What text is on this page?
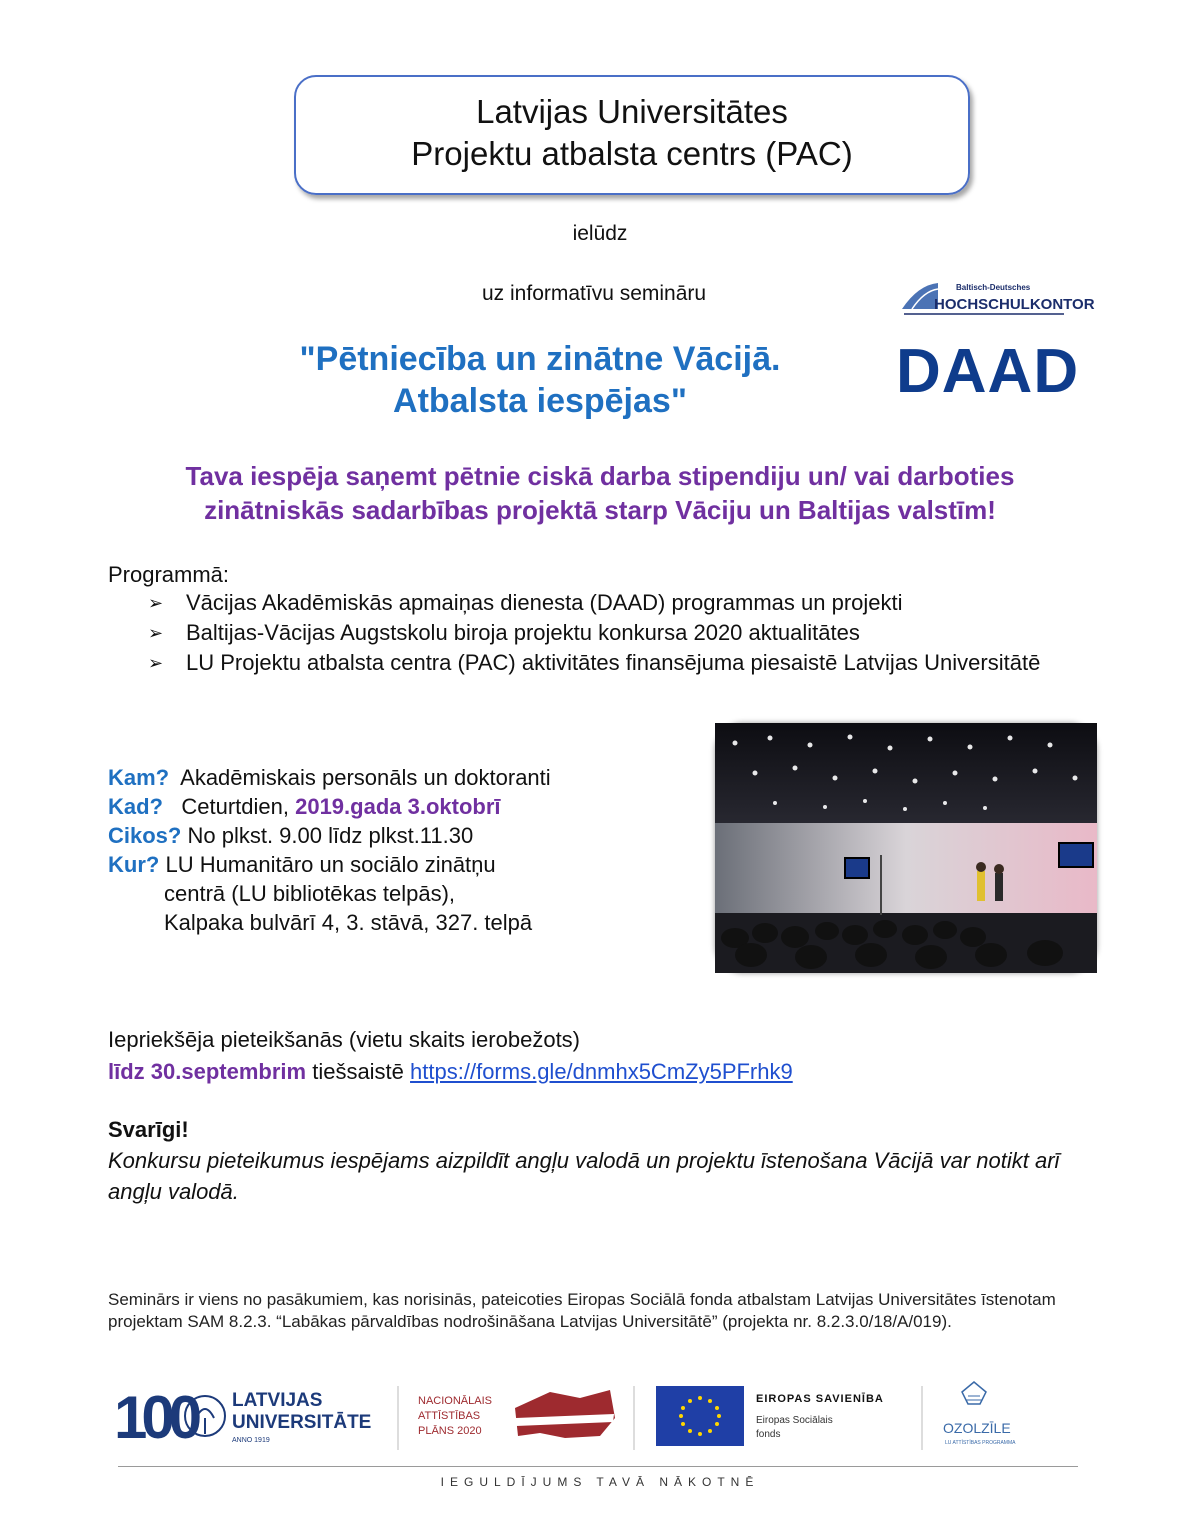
Latvijas Universitātes
Projektu atbalsta centrs (PAC)
ielūdz
uz informatīvu semināru	Baltisch-Deutsches
HOCHSCHULKONTOR
"Pētniecība un zinātne Vācijā.
Atbalsta iespējas"	DAAD
Tava iespēja saņemt pētnie ciskā darba stipendiju un/ vai darboties
zinātniskās sadarbības projektā starp Vāciju un Baltijas valstīm!
Programmā:
➢ Vācijas Akadēmiskās apmaiņas dienesta (DAAD) programmas un projekti
➢ Baltijas-Vācijas Augstskolu biroja projektu konkursa 2020 aktualitātes
➢ LU Projektu atbalsta centra (PAC) aktivitātes finansējuma piesaistē Latvijas Universitātē
Kam? Akadēmiskais personāls un doktoranti
Kad? Ceturtdien, 2019.gada 3.oktobrī
Cikos? No plkst. 9.00 līdz plkst.11.30
Kur? LU Humanitāro un sociālo zinātņu
centrā (LU bibliotēkas telpās),
Kalpaka bulvārī 4, 3. stāvā, 327. telpā
Iepriekšēja pieteikšanās (vietu skaits ierobežots)
līdz 30.septembrim tiešsaistē https://forms.gle/dnmhx5CmZy5PFrhk9
Svarīgi!
Konkursu pieteikumus iespējams aizpildīt angļu valodā un projektu īstenošana Vācijā var notikt arī angļu valodā.
Seminārs ir viens no pasākumiem, kas norisinās, pateicoties Eiropas Sociālā fonda atbalstam Latvijas Universitātes īstenotam projektam SAM 8.2.3. “Labākas pārvaldības nodrošināšana Latvijas Universitātē” (projekta nr. 8.2.3.0/18/A/019).
100 LATVIJAS
UNIVERSITĀTE
ANNO 1919
NACIONĀLAIS
ATTĪSTĪBAS
PLĀNS 2020
EIROPAS SAVIENĪBA
Eiropas Sociālais
fonds	OZOLZĪLE
LU ATTĪSTĪBAS PROGRAMMA
IEGULDĪJUMS TAVĀ NĀKOTNĒ
